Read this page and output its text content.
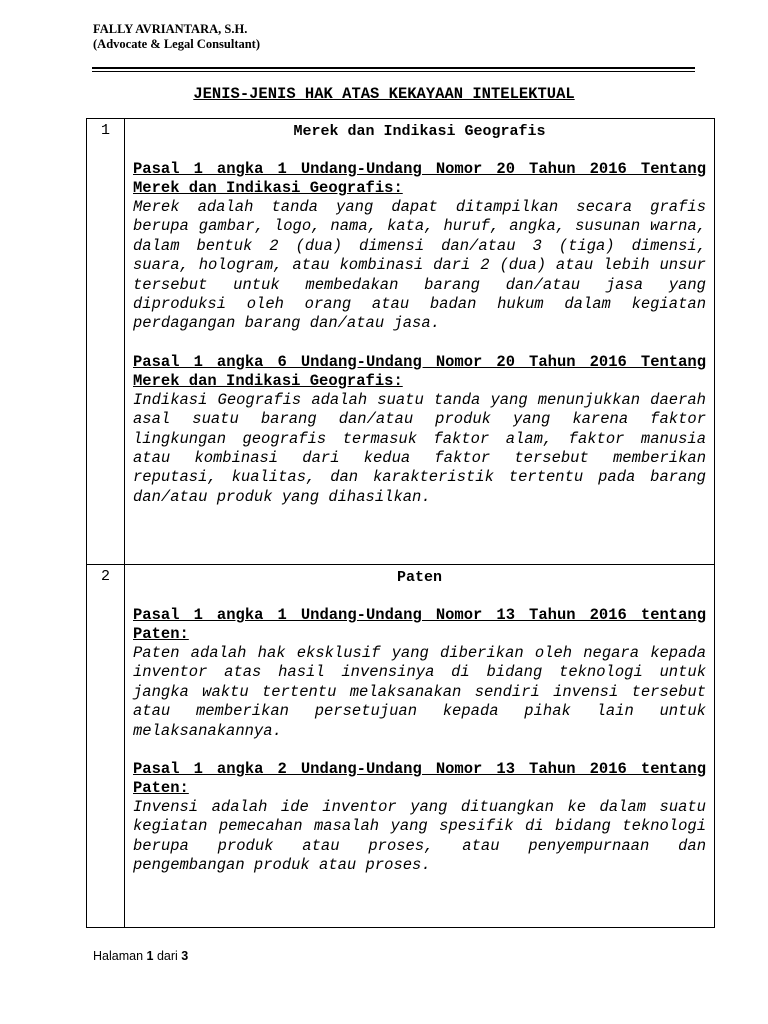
FALLY AVRIANTARA, S.H.
(Advocate & Legal Consultant)
JENIS-JENIS HAK ATAS KEKAYAAN INTELEKTUAL
1	Merek dan Indikasi Geografis
Pasal 1 angka 1 Undang-Undang Nomor 20 Tahun 2016 Tentang Merek dan Indikasi Geografis:

Merek adalah tanda yang dapat ditampilkan secara grafis berupa gambar, logo, nama, kata, huruf, angka, susunan warna, dalam bentuk 2 (dua) dimensi dan/atau 3 (tiga) dimensi, suara, hologram, atau kombinasi dari 2 (dua) atau lebih unsur tersebut untuk membedakan barang dan/atau jasa yang diproduksi oleh orang atau badan hukum dalam kegiatan perdagangan barang dan/atau jasa.

Pasal 1 angka 6 Undang-Undang Nomor 20 Tahun 2016 Tentang Merek dan Indikasi Geografis:

Indikasi Geografis adalah suatu tanda yang menunjukkan daerah asal suatu barang dan/atau produk yang karena faktor lingkungan geografis termasuk faktor alam, faktor manusia atau kombinasi dari kedua faktor tersebut memberikan reputasi, kualitas, dan karakteristik tertentu pada barang dan/atau produk yang dihasilkan.

2	Paten
Pasal 1 angka 1 Undang-Undang Nomor 13 Tahun 2016 tentang Paten:

Paten adalah hak eksklusif yang diberikan oleh negara kepada inventor atas hasil invensinya di bidang teknologi untuk jangka waktu tertentu melaksanakan sendiri invensi tersebut atau memberikan persetujuan kepada pihak lain untuk melaksanakannya.

Pasal 1 angka 2 Undang-Undang Nomor 13 Tahun 2016 tentang Paten:

Invensi adalah ide inventor yang dituangkan ke dalam suatu kegiatan pemecahan masalah yang spesifik di bidang teknologi berupa produk atau proses, atau penyempurnaan dan pengembangan produk atau proses.

Halaman 1 dari 3
